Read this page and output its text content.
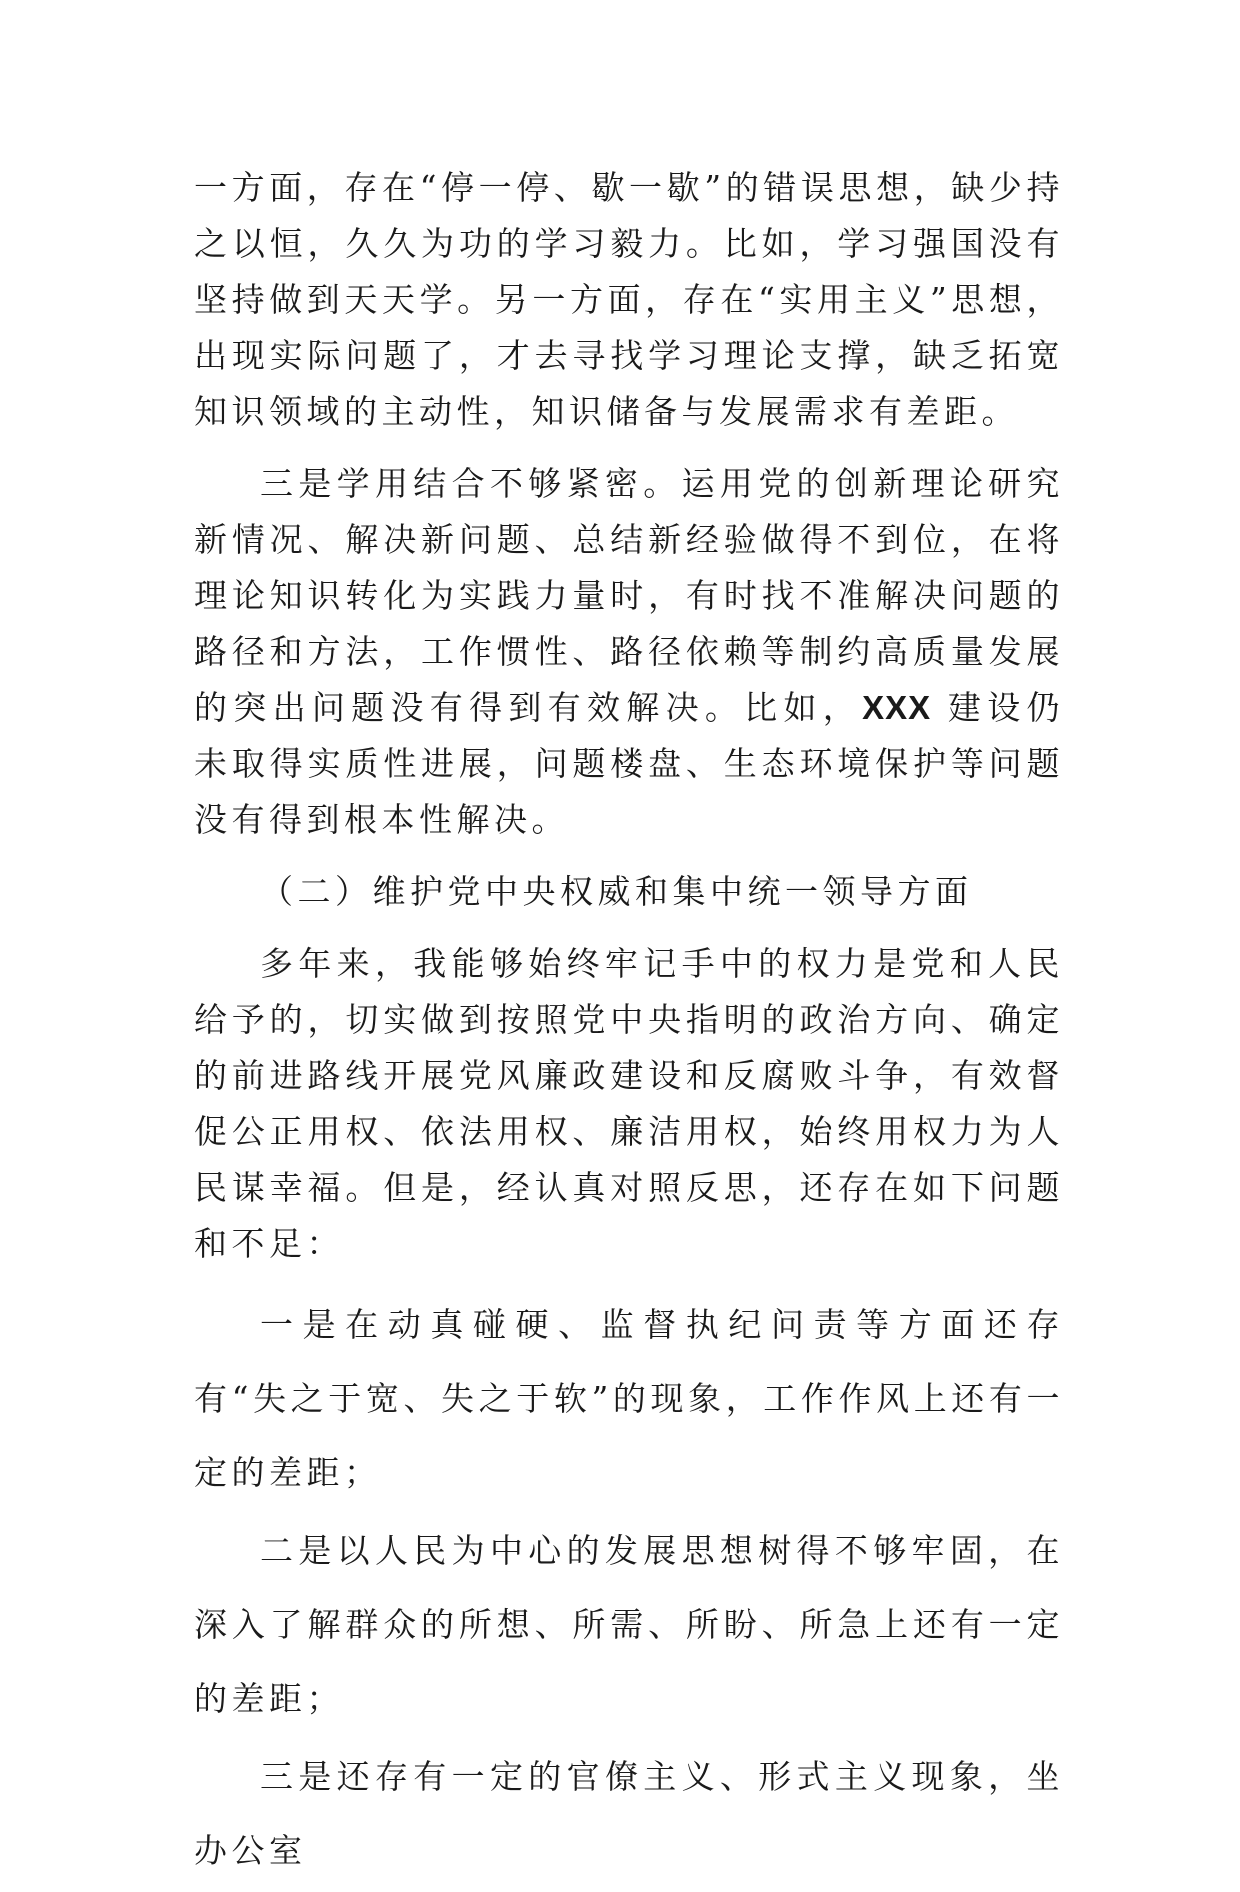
一方面，存在“停一停、歇一歇”的错误思想，缺少持之以恒，久久为功的学习毅力。比如，学习强国没有坚持做到天天学。另一方面，存在“实用主义”思想，出现实际问题了，才去寻找学习理论支撑，缺乏拓宽知识领域的主动性，知识储备与发展需求有差距。

三是学用结合不够紧密。运用党的创新理论研究新情况、解决新问题、总结新经验做得不到位，在将理论知识转化为实践力量时，有时找不准解决问题的路径和方法，工作惯性、路径依赖等制约高质量发展的突出问题没有得到有效解决。比如，XXX 建设仍未取得实质性进展，问题楼盘、生态环境保护等问题没有得到根本性解决。

（二）维护党中央权威和集中统一领导方面

多年来，我能够始终牢记手中的权力是党和人民给予的，切实做到按照党中央指明的政治方向、确定的前进路线开展党风廉政建设和反腐败斗争，有效督促公正用权、依法用权、廉洁用权，始终用权力为人民谋幸福。但是，经认真对照反思，还存在如下问题和不足：

一是在动真碰硬、监督执纪问责等方面还存有“失之于宽、失之于软”的现象，工作作风上还有一定的差距；

二是以人民为中心的发展思想树得不够牢固，在深入了解群众的所想、所需、所盼、所急上还有一定的差距；

三是还存有一定的官僚主义、形式主义现象，坐办公室
